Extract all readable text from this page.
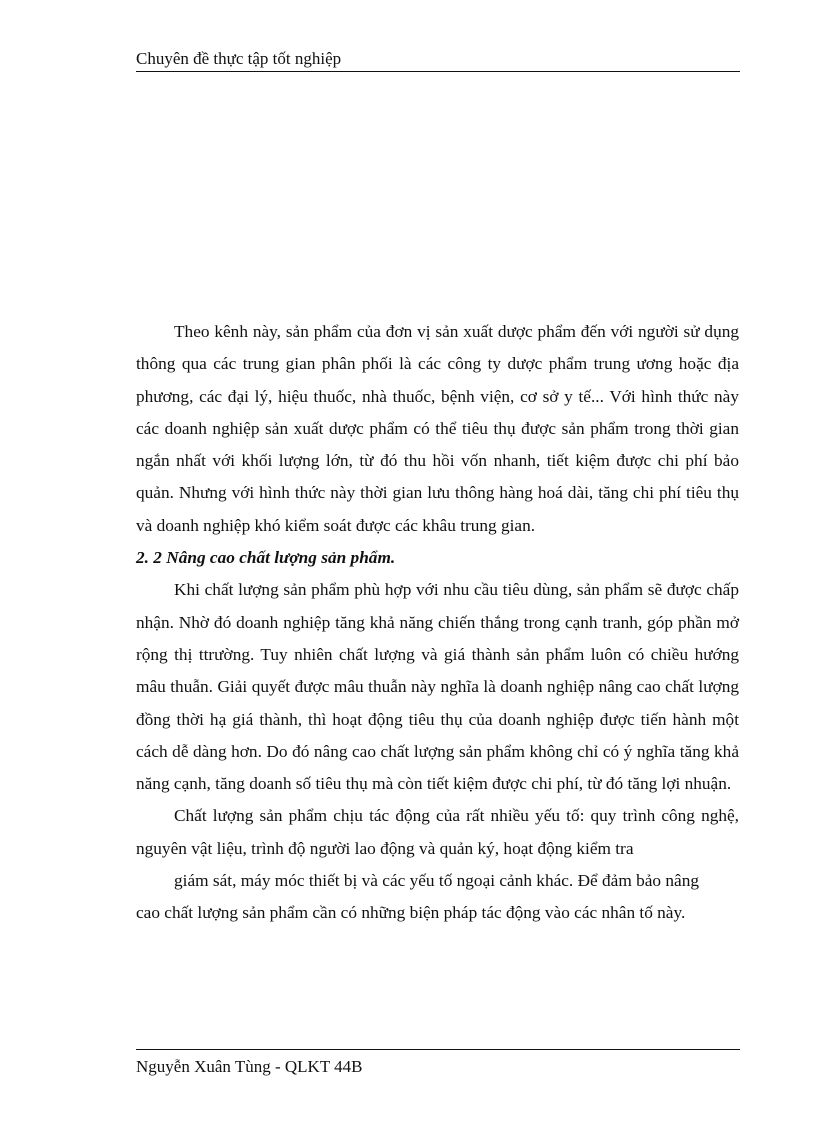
Chuyên đề thực tập tốt nghiệp

Theo kênh này, sản phẩm của đơn vị sản xuất dược phẩm đến với người sử dụng thông qua các trung gian phân phối là các công ty dược phẩm trung ương hoặc địa phương, các đại lý, hiệu thuốc, nhà thuốc, bệnh viện, cơ sở y tế... Với hình thức này các doanh nghiệp sản xuất dược phẩm có thể tiêu thụ được sản phẩm trong thời gian ngắn nhất với khối lượng lớn, từ đó thu hồi vốn nhanh, tiết kiệm được chi phí bảo quản. Nhưng với hình thức này thời gian lưu thông hàng hoá dài, tăng chi phí tiêu thụ và doanh nghiệp khó kiểm soát được các khâu trung gian.

2. 2 Nâng cao chất lượng sản phẩm.

Khi chất lượng sản phẩm phù hợp với nhu cầu tiêu dùng, sản phẩm sẽ được chấp nhận. Nhờ đó doanh nghiệp tăng khả năng chiến thắng trong cạnh tranh, góp phần mở rộng thị ttrường. Tuy nhiên chất lượng và giá thành sản phẩm luôn có chiều hướng mâu thuẫn. Giải quyết được mâu thuẫn này nghĩa là doanh nghiệp nâng cao chất lượng đồng thời hạ giá thành, thì hoạt động tiêu thụ của doanh nghiệp được tiến hành một cách dễ dàng hơn. Do đó nâng cao chất lượng sản phẩm không chỉ có ý nghĩa tăng khả năng cạnh, tăng doanh số tiêu thụ mà còn tiết kiệm được chi phí, từ đó tăng lợi nhuận.

Chất lượng sản phẩm chịu tác động của rất nhiều yếu tố: quy trình công nghệ, nguyên vật liệu, trình độ người lao động và quản ký, hoạt động kiểm tra

giám sát, máy móc thiết bị và các yếu tố ngoại cảnh khác. Để đảm bảo nâng

cao chất lượng sản phẩm cần có những biện pháp tác động vào các nhân tố này.

Nguyễn Xuân Tùng - QLKT 44B
